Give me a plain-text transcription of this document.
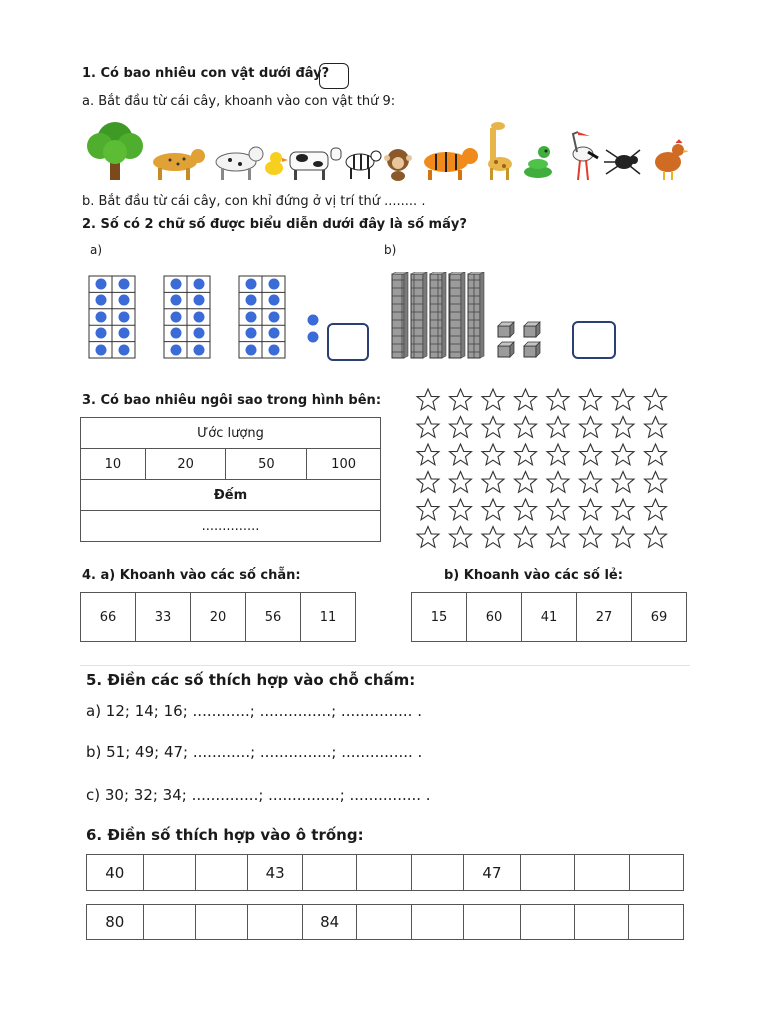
1. Có bao nhiêu con vật dưới đây?
a. Bắt đầu từ cái cây, khoanh vào con vật thứ 9:
b. Bắt đầu từ cái cây, con khỉ đứng ở vị trí thứ ........ .
2. Số có 2 chữ số được biểu diễn dưới đây là số mấy?
a)	b)
3. Có bao nhiêu ngôi sao trong hình bên:
Ước lượng
10	20	50	100
Đếm
..............
4. a) Khoanh vào các số chẵn:	b) Khoanh vào các số lẻ:
66	33	20	56	11	15	60	41	27	69
5. Điền các số thích hợp vào chỗ chấm:
a) 12; 14; 16; ............; ...............; ............... .
b) 51; 49; 47; ............; ...............; ............... .
c) 30; 32; 34; ..............; ...............; ............... .
6. Điền số thích hợp vào ô trống:
40			43				47			
80				84						
